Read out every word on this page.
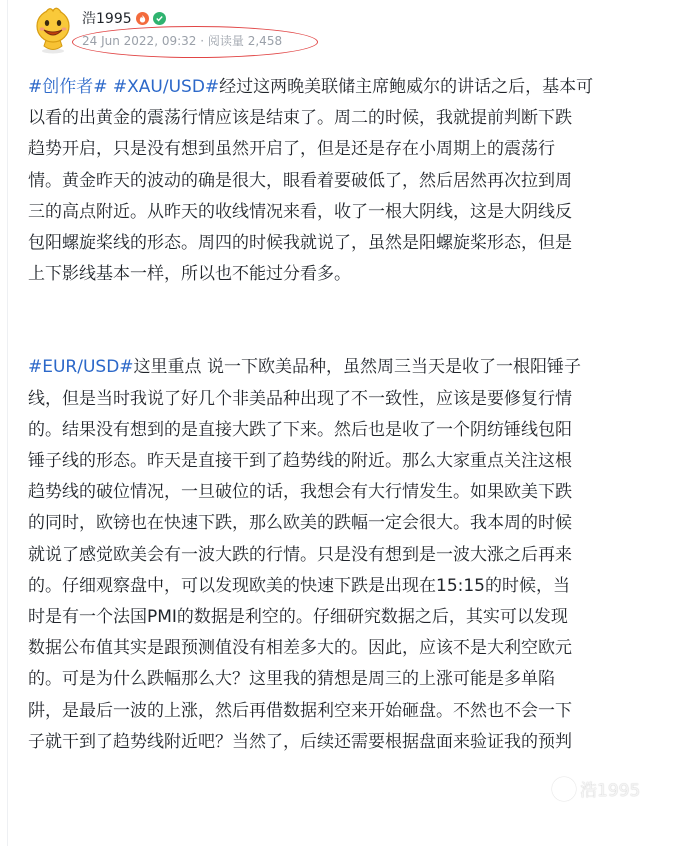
浩1995
24 Jun 2022, 09:32 · 阅读量 2,458
#创作者# #XAU/USD#经过这两晚美联储主席鲍威尔的讲话之后，基本可
以看的出黄金的震荡行情应该是结束了。周二的时候，我就提前判断下跌
趋势开启，只是没有想到虽然开启了，但是还是存在小周期上的震荡行
情。黄金昨天的波动的确是很大，眼看着要破低了，然后居然再次拉到周
三的高点附近。从昨天的收线情况来看，收了一根大阴线，这是大阴线反
包阳螺旋桨线的形态。周四的时候我就说了，虽然是阳螺旋桨形态，但是
上下影线基本一样，所以也不能过分看多。
#EUR/USD#这里重点 说一下欧美品种，虽然周三当天是收了一根阳锤子
线，但是当时我说了好几个非美品种出现了不一致性，应该是要修复行情
的。结果没有想到的是直接大跌了下来。然后也是收了一个阴纺锤线包阳
锤子线的形态。昨天是直接干到了趋势线的附近。那么大家重点关注这根
趋势线的破位情况，一旦破位的话，我想会有大行情发生。如果欧美下跌
的同时，欧镑也在快速下跌，那么欧美的跌幅一定会很大。我本周的时候
就说了感觉欧美会有一波大跌的行情。只是没有想到是一波大涨之后再来
的。仔细观察盘中，可以发现欧美的快速下跌是出现在15:15的时候，当
时是有一个法国PMI的数据是利空的。仔细研究数据之后，其实可以发现
数据公布值其实是跟预测值没有相差多大的。因此，应该不是大利空欧元
的。可是为什么跌幅那么大？这里我的猜想是周三的上涨可能是多单陷
阱，是最后一波的上涨，然后再借数据利空来开始砸盘。不然也不会一下
子就干到了趋势线附近吧？当然了，后续还需要根据盘面来验证我的预判
浩1995
